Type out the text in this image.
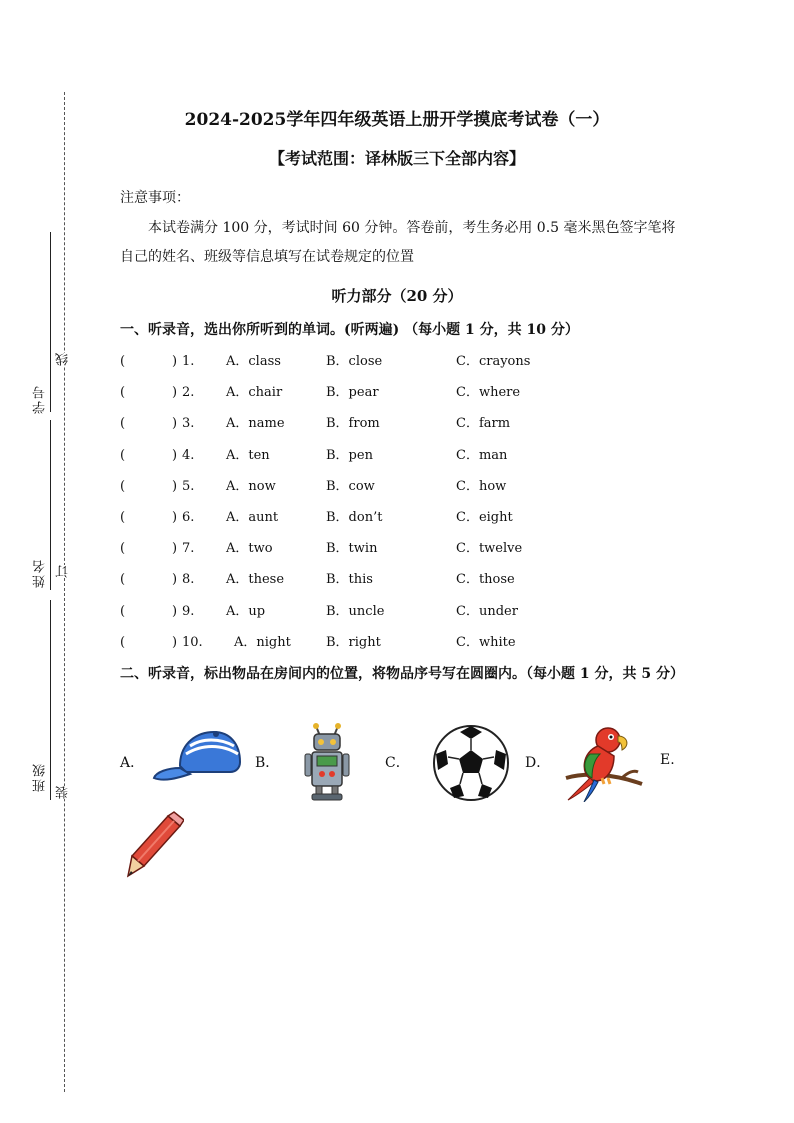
学号
姓名
班级
线
订
装
2024-2025学年四年级英语上册开学摸底考试卷（一）
【考试范围：译林版三下全部内容】
注意事项：
本试卷满分 100 分，考试时间 60 分钟。答卷前，考生务必用 0.5 毫米黑色签字笔将自己的姓名、班级等信息填写在试卷规定的位置
听力部分（20 分）
一、听录音，选出你所听到的单词。(听两遍) （每小题 1 分，共 10 分）
(	) 1. A．class	B．close	C．crayons
(	) 2. A．chair	B．pear	C．where
(	) 3. A．name	B．from	C．farm
(	) 4. A．ten	B．pen	C．man
(	) 5. A．now	B．cow	C．how
(	) 6. A．aunt	B．don’t	C．eight
(	) 7. A．two	B．twin	C．twelve
(	) 8. A．these	B．this	C．those
(	) 9. A．up	B．uncle	C．under
(	) 10. A．night	B．right	C．white
二、听录音，标出物品在房间内的位置，将物品序号写在圆圈内。（每小题 1 分，共 5 分）
A．	B．	C．	D．	E.
